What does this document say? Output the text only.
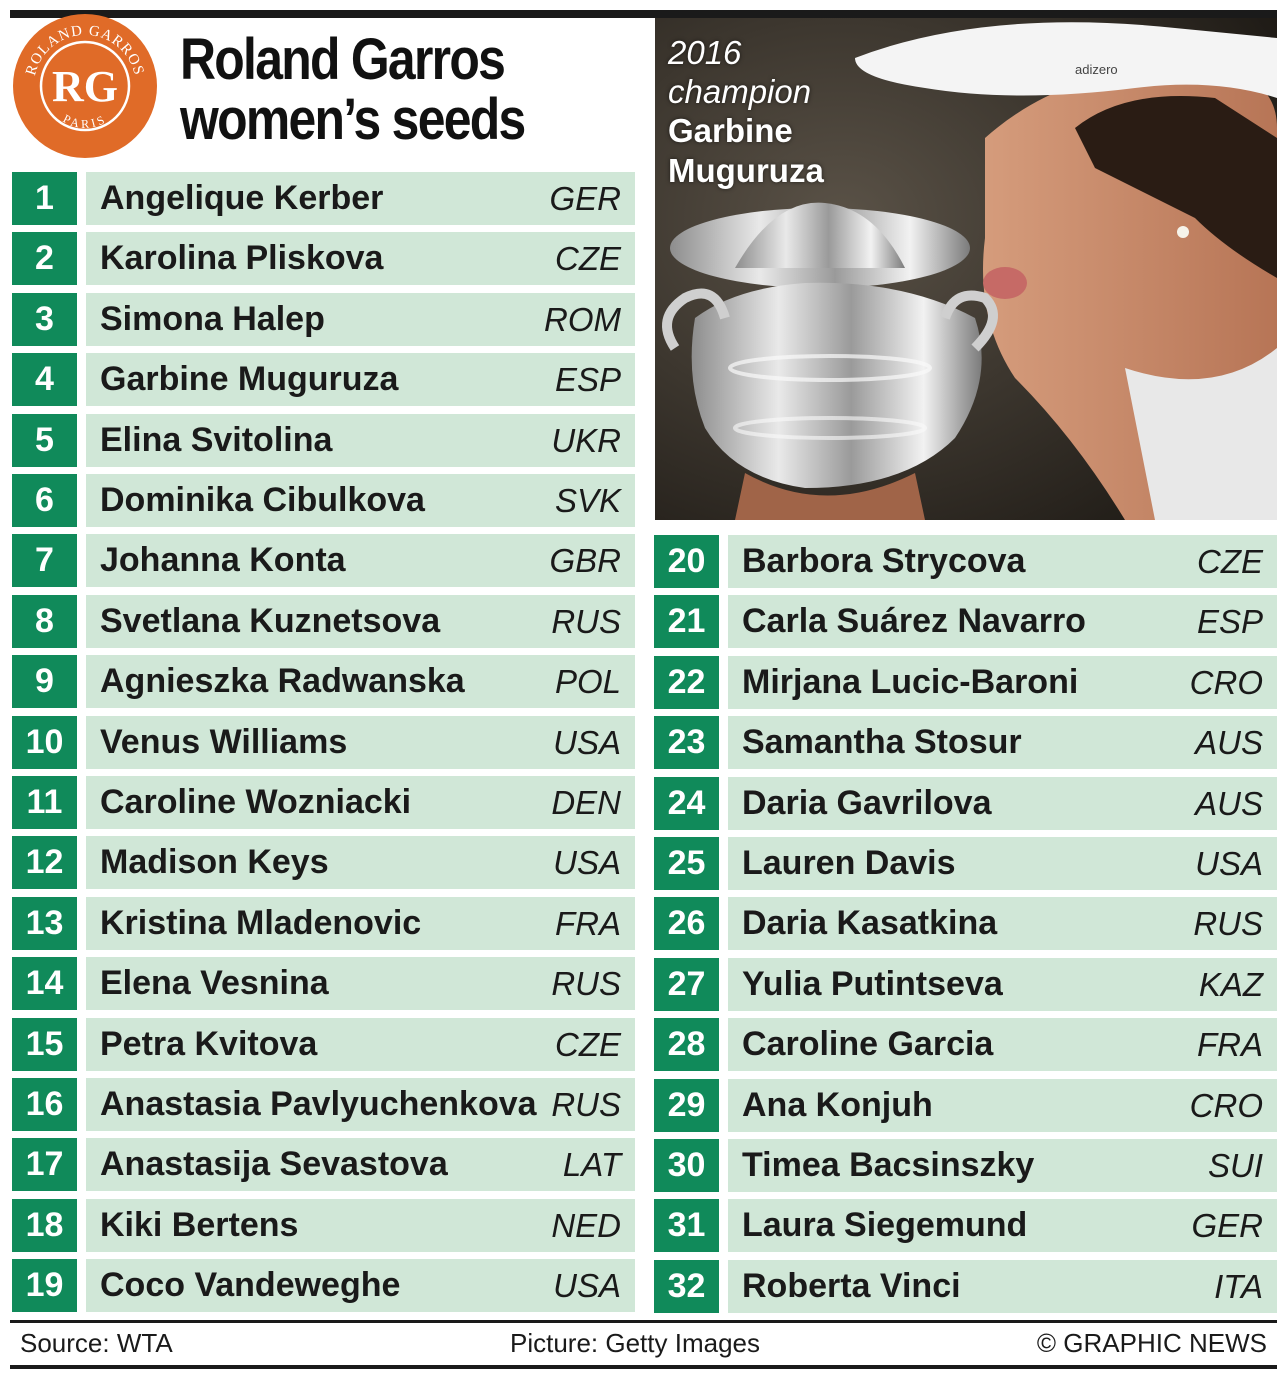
ROLAND GARROS
PARIS
RG Roland Garros
women’s seeds
adizero
2016
champion
Garbine
Muguruza
1	Angelique Kerber	GER
2	Karolina Pliskova	CZE
3	Simona Halep	ROM
4	Garbine Muguruza	ESP
5	Elina Svitolina	UKR
6	Dominika Cibulkova	SVK
7	Johanna Konta	GBR
8	Svetlana Kuznetsova	RUS
9	Agnieszka Radwanska	POL
10	Venus Williams	USA
11	Caroline Wozniacki	DEN
12	Madison Keys	USA
13	Kristina Mladenovic	FRA
14	Elena Vesnina	RUS
15	Petra Kvitova	CZE
16	Anastasia Pavlyuchenkova RUS
17	Anastasija Sevastova	LAT
18	Kiki Bertens	NED
19	Coco Vandeweghe	USA
20	Barbora Strycova	CZE
21	Carla Suárez Navarro	ESP
22	Mirjana Lucic-Baroni	CRO
23	Samantha Stosur	AUS
24	Daria Gavrilova	AUS
25	Lauren Davis	USA
26	Daria Kasatkina	RUS
27	Yulia Putintseva	KAZ
28	Caroline Garcia	FRA
29	Ana Konjuh	CRO
30	Timea Bacsinszky	SUI
31	Laura Siegemund	GER
32	Roberta Vinci	ITA
Source: WTA	Picture: Getty Images	© GRAPHIC NEWS
